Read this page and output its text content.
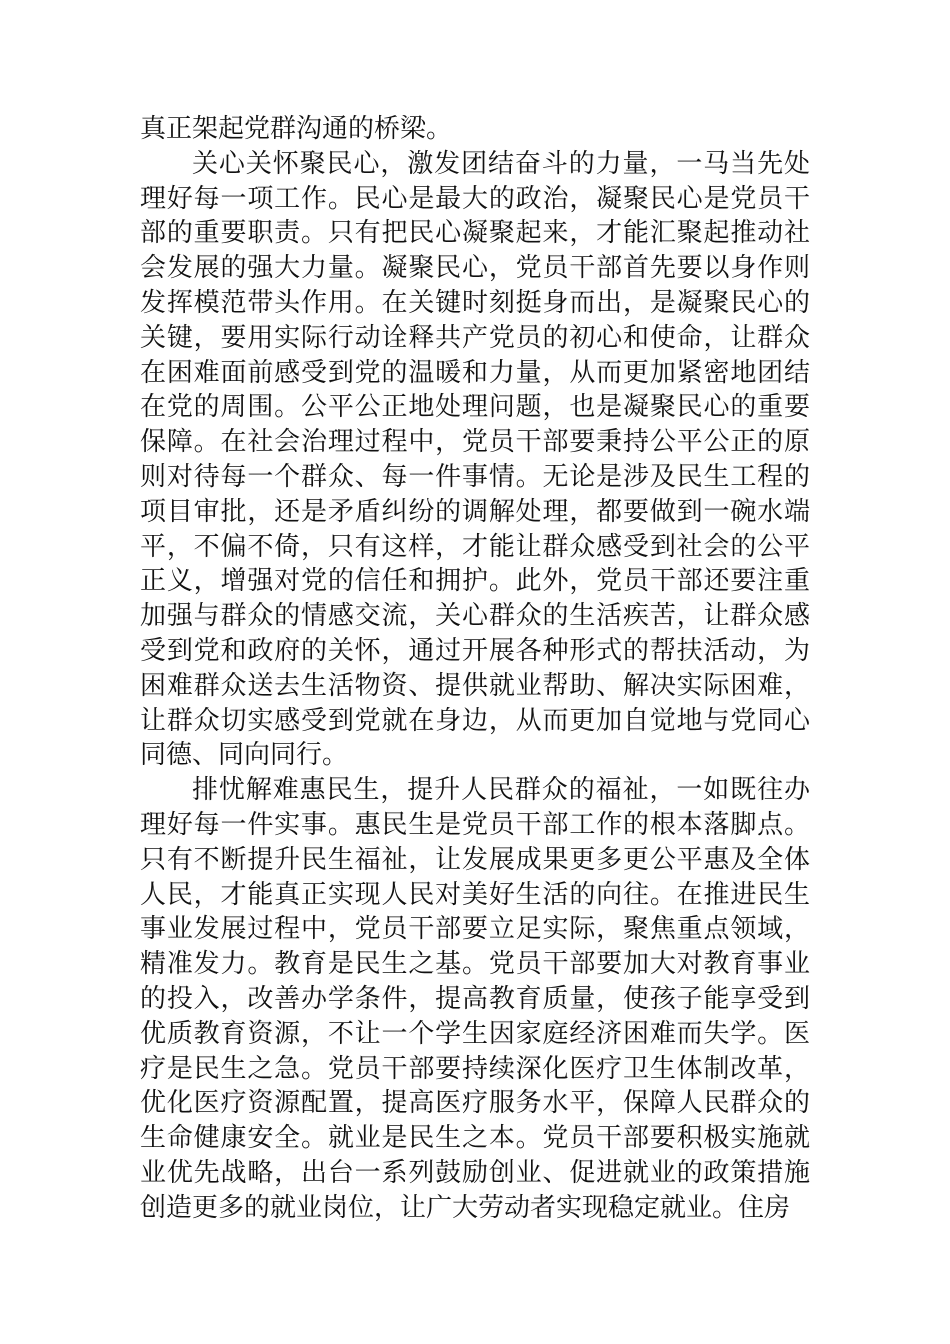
真正架起党群沟通的桥梁。

关心关怀聚民心，激发团结奋斗的力量，一马当先处理好每一项工作。民心是最大的政治，凝聚民心是党员干部的重要职责。只有把民心凝聚起来，才能汇聚起推动社会发展的强大力量。凝聚民心，党员干部首先要以身作则发挥模范带头作用。在关键时刻挺身而出，是凝聚民心的关键，要用实际行动诠释共产党员的初心和使命，让群众在困难面前感受到党的温暖和力量，从而更加紧密地团结在党的周围。公平公正地处理问题，也是凝聚民心的重要保障。在社会治理过程中，党员干部要秉持公平公正的原则对待每一个群众、每一件事情。无论是涉及民生工程的项目审批，还是矛盾纠纷的调解处理，都要做到一碗水端平，不偏不倚，只有这样，才能让群众感受到社会的公平正义，增强对党的信任和拥护。此外，党员干部还要注重加强与群众的情感交流，关心群众的生活疾苦，让群众感受到党和政府的关怀，通过开展各种形式的帮扶活动，为困难群众送去生活物资、提供就业帮助、解决实际困难，让群众切实感受到党就在身边，从而更加自觉地与党同心同德、同向同行。

排忧解难惠民生，提升人民群众的福祉，一如既往办理好每一件实事。惠民生是党员干部工作的根本落脚点。只有不断提升民生福祉，让发展成果更多更公平惠及全体人民，才能真正实现人民对美好生活的向往。在推进民生事业发展过程中，党员干部要立足实际，聚焦重点领域，精准发力。教育是民生之基。党员干部要加大对教育事业的投入，改善办学条件，提高教育质量，使孩子能享受到优质教育资源，不让一个学生因家庭经济困难而失学。医疗是民生之急。党员干部要持续深化医疗卫生体制改革，优化医疗资源配置，提高医疗服务水平，保障人民群众的生命健康安全。就业是民生之本。党员干部要积极实施就业优先战略，出台一系列鼓励创业、促进就业的政策措施创造更多的就业岗位，让广大劳动者实现稳定就业。住房
